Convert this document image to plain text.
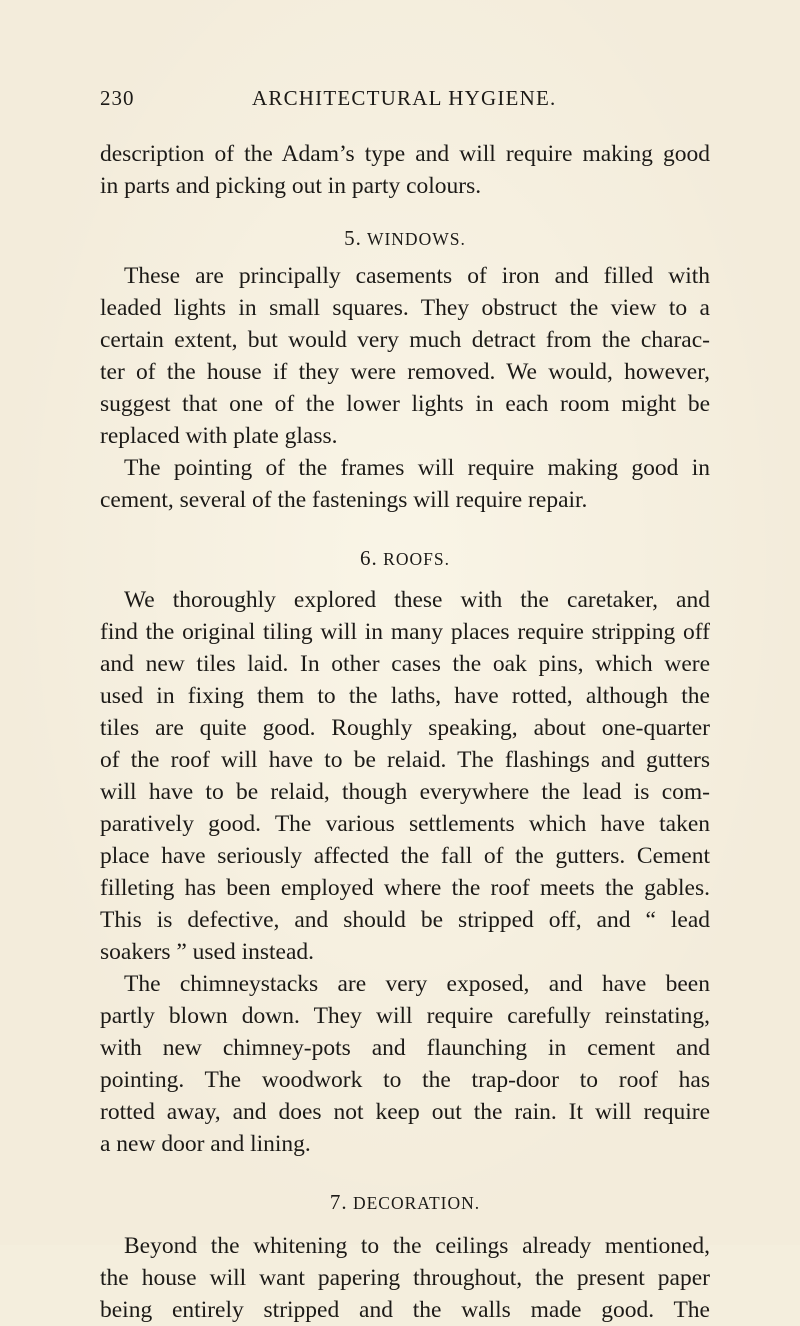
230	ARCHITECTURAL HYGIENE.
description of the Adam’s type and will require making good
in parts and picking out in party colours.
5. WINDOWS.
These are principally casements of iron and filled with
leaded lights in small squares. They obstruct the view to a
certain extent, but would very much detract from the charac-
ter of the house if they were removed. We would, however,
suggest that one of the lower lights in each room might be
replaced with plate glass.
The pointing of the frames will require making good in
cement, several of the fastenings will require repair.
6. ROOFS.
We thoroughly explored these with the caretaker, and
find the original tiling will in many places require stripping off
and new tiles laid. In other cases the oak pins, which were
used in fixing them to the laths, have rotted, although the
tiles are quite good. Roughly speaking, about one-quarter
of the roof will have to be relaid. The flashings and gutters
will have to be relaid, though everywhere the lead is com-
paratively good. The various settlements which have taken
place have seriously affected the fall of the gutters. Cement
filleting has been employed where the roof meets the gables.
This is defective, and should be stripped off, and “ lead
soakers ” used instead.
The chimneystacks are very exposed, and have been
partly blown down. They will require carefully reinstating,
with new chimney-pots and flaunching in cement and
pointing. The woodwork to the trap-door to roof has
rotted away, and does not keep out the rain. It will require
a new door and lining.
7. DECORATION.
Beyond the whitening to the ceilings already mentioned,
the house will want papering throughout, the present paper
being entirely stripped and the walls made good. The
